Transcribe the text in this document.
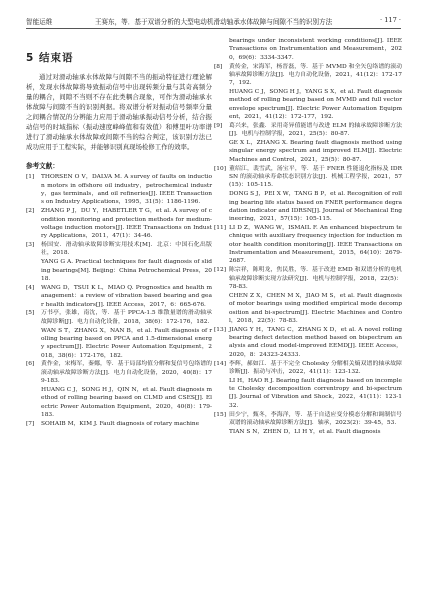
智能运维	王赛东，等．基于双谱分析的大型电动机滑动轴承水体故障与间隙不当的识别方法	· 117 ·
5 结束语

通过对滑动轴承水体故障与间隙不当的振动特征进行理论解析，发现水体故障将导致振动信号中出现转频分量与其奇高频分量的耦合，间隙不当则不存在此类耦合现象，可作为滑动轴承水体故障与间隙不当的识别判据。将双谱分析对振动信号频率分量之间耦合情况的分辨能力应用于滑动轴承振动信号分析，结合振动信号的时域指标（振动速度峰峰值和有效值）和傅里叶功率谱进行了滑动轴承水体故障或间隙不当的综合判定，该识别方法已成功应用于工程实际，并能够识别真现场检修工作的效率。

参考文献：
[1]	THORSEN O V，DALVA M. A survey of faults on induction motors in offshore oil industry，petrochemical industry，gas terminals，and oil refineries[J]. IEEE Transactions on Industry Applications，1995，31(5)：1186-1196.
[2]	ZHANG P J，DU Y，HABETLER T G，et al. A survey of condition monitoring and protection methods for medium-voltage induction motors[J]. IEEE Transactions on Industry Applications，2011，47(1)：34-46.
[3]	杨国安．滑动轴承故障诊断实用技术[M]．北京：中国石化出版社，2018.
YANG G A. Practical techniques for fault diagnosis of sliding bearings[M]. Beijing：China Petrochemical Press，2018.
[4]	WANG D，TSUI K L，MIAO Q. Prognostics and health management：a review of vibration based bearing and gear health indicators[J]. IEEE Access，2017，6：665-676.
[5]	万书亭，张雄，南沈，等．基于 PPCA-1.5 维散量谱的滑动轴承故障诊断[J]．电力自动化设备，2018，38(6)：172-176，182.
WAN S T，ZHANG X，NAN B，et al. Fault diagnosis of rolling bearing based on PPCA and 1.5-dimensional energy spectrum[J]. Electric Power Automation Equipment，2018，38(6)：172-176，182.
[6]	黄作金，宋梅军，秦娜，等．基于局部均值分解和复信号包络谱的滚动轴承故障诊断方法[J]．电力自动化设备，2020，40(8)：179-183.
HUANG C J，SONG H J，QIN N，et al. Fault diagnosis method of rolling bearing based on CLMD and CSES[J]. Electric Power Automation Equipment，2020，40(8)：179-183.
[7]	SOHAIB M，KIM J. Fault diagnosis of rotary machine
bearings under inconsistent working conditions[J]. IEEE Transactions on Instrumentation and Measurement，2020，69(6)：3334-3347.
[8]	黄传金，宋海军，杨晋磊，等．基于 MVMD 和全矢包络谱的滚动轴承故障诊断方法[J]．电力自动化设备，2021，41(12)：172-177，192.
HUANG C J，SONG H J，YANG S X，et al. Fault diagnosis method of rolling bearing based on MVMD and full vector envelope spectrum[J]. Electric Power Automation Equipment，2021，41(12)：172-177，192.
[9]	葛兴来，张鑫．采用奇异值能谱与改进 ELM 的轴承故障诊断方法[J]．电机与控制学报，2021，25(5)：80-87.
GE X L，ZHANG X. Bearing fault diagnosis method using singular energy spectrum and improved ELM[J]. Electric Machines and Control，2021，25(5)：80-87.
[10] 董绍江，裴雪武，汤宝平，等．基于 FNER 性能退化指标及 IDRSN 的滚动轴承寿命状态识别方法[J]．机械工程学报，2021，57(15)：105-115.
DONG S J，PEI X W，TANG B P，et al. Recognition of rolling bearing life status based on FNER performance degradation indicator and IDRSN[J]. Journal of Mechanical Engineering，2021，57(15)：105-115.
[11] LI D Z，WANG W，ISMAIL F. An enhanced bispectrum technique with auxiliary frequency injection for induction motor health condition monitoring[J]. IEEE Transactions on Instrumentation and Measurement，2015，64(10)：2679-2687.
[12] 陈宗祥，陈明龙，焦民胜，等．基于改进 EMD 和双谱分析的电机轴承故障诊断实现方法研究[J]．电机与控制学报，2018，22(5)：78-83.
CHEN Z X，CHEN M X，JIAO M S，et al. Fault diagnosis of motor bearings using modified empirical mode decomposition and bi-spectrum[J]. Electric Machines and Control，2018，22(5)：78-83.
[13] JIANG Y H，TANG C，ZHANG X D，et al. A novel rolling bearing defect detection method based on bispectrum analysis and cloud model-improved EEMD[J]. IEEE Access，2020，8：24323-24333.
[14] 李辉，郝如江．基于不完全 Cholesky 分解相关熵双谱的轴承故障诊断[J]．振动与冲击，2022，41(11)：123-132.
LI H，HAO R J. Bearing fault diagnosis based on incomplete Cholesky decomposition correntropy and bi-spectrum[J]. Journal of Vibration and Shock，2022，41(11)：123-132.
[15] 田少宁，甄冬，李海洋，等．基于自适应变分模态分解和调制信号双谱的滚动轴承故障诊断方法[J]．轴承，2023(2)：39-45，53.
TIAN S N，ZHEN D，LI H Y，et al. Fault diagnosis
